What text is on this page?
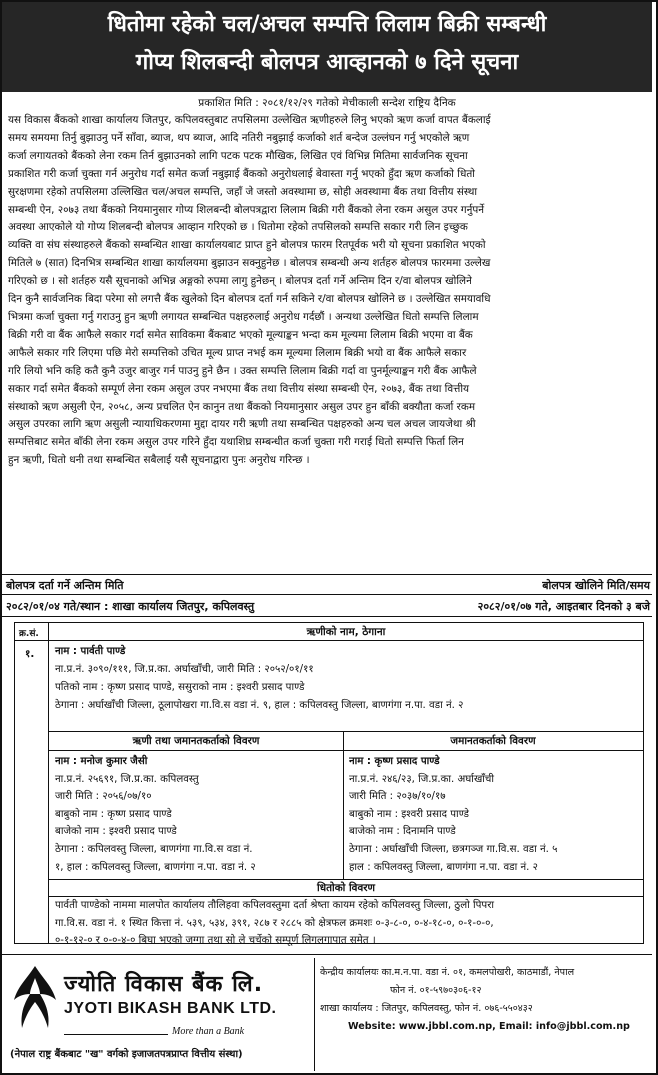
धितोमा रहेको चल/अचल सम्पत्ति लिलाम बिक्री सम्बन्धी
गोप्य शिलबन्दी बोलपत्र आव्हानको ७ दिने सूचना
प्रकाशित मिति : २०८१/१२/२९ गतेको मेचीकाली सन्देश राष्ट्रिय दैनिक
यस विकास बैंकको शाखा कार्यालय जितपुर, कपिलवस्तुबाट तपसिलमा उल्लेखित ऋणीहरुले लिनु भएको ऋण कर्जा वापत बैंकलाई
समय समयमा तिर्नु बुझाउनु पर्ने साँवा, ब्याज, थप ब्याज, आदि नतिरी नबुझाई कर्जाको शर्त बन्देज उल्लंघन गर्नु भएकोले ऋण
कर्जा लगायतको बैंकको लेना रकम तिर्न बुझाउनको लागि पटक पटक मौखिक, लिखित एवं विभिन्न मितिमा सार्वजनिक सूचना
प्रकाशित गरी कर्जा चुक्ता गर्न अनुरोध गर्दा समेत कर्जा नबुझाई बैंकको अनुरोधलाई बेवास्ता गर्नु भएको हुँदा ऋण कर्जाको धितो
सुरक्षणमा रहेको तपसिलमा उल्लिखित चल/अचल सम्पत्ति, जहाँ जे जस्तो अवस्थामा छ, सोही अवस्थामा बैंक तथा वित्तीय संस्था
सम्बन्धी ऐन, २०७३ तथा बैंकको नियमानुसार गोप्य शिलबन्दी बोलपत्रद्वारा लिलाम बिक्री गरी बैंकको लेना रकम असुल उपर गर्नुपर्ने
अवस्था आएकोले यो गोप्य शिलबन्दी बोलपत्र आव्हान गरिएको छ । धितोमा रहेको तपसिलको सम्पत्ति सकार गरी लिन इच्छुक
व्यक्ति वा संघ संस्थाहरुले बैंकको सम्बन्धित शाखा कार्यालयबाट प्राप्त हुने बोलपत्र फारम रितपूर्वक भरी यो सूचना प्रकाशित भएको
मितिले ७ (सात) दिनभित्र सम्बन्धित शाखा कार्यालयमा बुझाउन सक्नुहुनेछ । बोलपत्र सम्बन्धी अन्य शर्तहरु बोलपत्र फारममा उल्लेख
गरिएको छ । सो शर्तहरु यसै सूचनाको अभिन्न अङ्गको रुपमा लागु हुनेछन् । बोलपत्र दर्ता गर्ने अन्तिम दिन र/वा बोलपत्र खोलिने
दिन कुनै सार्वजनिक बिदा परेमा सो लगत्तै बैंक खुलेको दिन बोलपत्र दर्ता गर्न सकिने र/वा बोलपत्र खोलिने छ । उल्लेखित समयावधि
भित्रमा कर्जा चुक्ता गर्नु गराउनु हुन ऋणी लगायत सम्बन्धित पक्षहरुलाई अनुरोध गर्दछौं । अन्यथा उल्लेखित धितो सम्पत्ति लिलाम
बिक्री गरी वा बैंक आफैले सकार गर्दा समेत साविकमा बैंकबाट भएको मूल्याङ्कन भन्दा कम मूल्यमा लिलाम बिक्री भएमा वा बैंक
आफैले सकार गरि लिएमा पछि मेरो सम्पत्तिको उचित मूल्य प्राप्त नभई कम मूल्यमा लिलाम बिक्री भयो वा बैंक आफैले सकार
गरि लियो भनि कहि कतै कुनै उजुर बाजुर गर्न पाउनु हुने छैन । उक्त सम्पत्ति लिलाम बिक्री गर्दा वा पुनर्मूल्याङ्कन गरी बैंक आफैले
सकार गर्दा समेत बैंकको सम्पूर्ण लेना रकम असुल उपर नभएमा बैंक तथा वित्तीय संस्था सम्बन्धी ऐन, २०७३, बैंक तथा वित्तीय
संस्थाको ऋण असुली ऐन, २०५८, अन्य प्रचलित ऐन कानुन तथा बैंकको नियमानुसार असुल उपर हुन बाँकी बक्यौता कर्जा रकम
असुल उपरका लागि ऋण असुली न्यायाधिकरणमा मुद्दा दायर गरी ऋणी तथा सम्बन्धित पक्षहरुको अन्य चल अचल जायजेथा श्री
सम्पत्तिबाट समेत बाँकी लेना रकम असुल उपर गरिने हुँदा यथाशिघ्र सम्बन्धीत कर्जा चुक्ता गरी गराई धितो सम्पत्ति फिर्ता लिन
हुन ऋणी, धितो धनी तथा सम्बन्धित सबैलाई यसै सूचनाद्वारा पुनः अनुरोध गरिन्छ ।
बोलपत्र दर्ता गर्ने अन्तिम मिति	बोलपत्र खोलिने मिति/समय
२०८२/०१/०४ गते/स्थान : शाखा कार्यालय जितपुर, कपिलवस्तु	२०८२/०१/०७ गते, आइतबार दिनको ३ बजे
क्र.सं.	ऋणीको नाम, ठेगाना
१. नाम : पार्वती पाण्डे
ना.प्र.नं. ३०९०/१११, जि.प्र.का. अर्घाखाँची, जारी मिति : २०५२/०१/११
पतिको नाम : कृष्ण प्रसाद पाण्डे, ससुराको नाम : इश्वरी प्रसाद पाण्डे
ठेगाना : अर्घाखाँची जिल्ला, ठूलापोखरा गा.वि.स वडा नं. ९, हाल : कपिलवस्तु जिल्ला, बाणगंगा न.पा. वडा नं. २
ऋणी तथा जमानतकर्ताको विवरण	जमानतकर्ताको विवरण
नाम : मनोज कुमार जैसी
ना.प्र.नं. २५६९१, जि.प्र.का. कपिलवस्तु
जारी मिति : २०५६/०७/१०
बाबुको नाम : कृष्ण प्रसाद पाण्डे
बाजेको नाम : इश्वरी प्रसाद पाण्डे
ठेगाना : कपिलवस्तु जिल्ला, बाणगंगा गा.वि.स वडा नं.
१, हाल : कपिलवस्तु जिल्ला, बाणगंगा न.पा. वडा नं. २
नाम : कृष्ण प्रसाद पाण्डे
ना.प्र.नं. २४६/२३, जि.प्र.का. अर्घाखाँची
जारी मिति : २०३७/१०/१७
बाबुको नाम : इश्वरी प्रसाद पाण्डे
बाजेको नाम : दिनामनि पाण्डे
ठेगाना : अर्घाखाँची जिल्ला, छत्रगञ्ज गा.वि.स. वडा नं. ५
हाल : कपिलवस्तु जिल्ला, बाणगंगा न.पा. वडा नं. २
धितोको विवरण
पार्वती पाण्डेको नाममा मालपोत कार्यालय तौलिहवा कपिलवस्तुमा दर्ता श्रेष्ता कायम रहेको कपिलवस्तु जिल्ला, ठुलो पिपरा
गा.वि.स. वडा नं. १ स्थित कित्ता नं. ५३९, ५३४, ३९१, २८७ र २८८५ को क्षेत्रफल क्रमशः ०-३-८-०, ०-४-१८-०, ०-१-०-०,
०-१-१२-० र ०-०-४-० बिघा भएको जग्गा तथा सो ले चर्चेको सम्पूर्ण लिगलगापात समेत ।
ज्योति विकास बैंक लि.
JYOTI BIKASH BANK LTD.
More than a Bank
(नेपाल राष्ट्र बैंकबाट "ख" वर्गको इजाजतपत्रप्राप्त वित्तीय संस्था)
केन्द्रीय कार्यालयः का.म.न.पा. वडा नं. ०१, कमलपोखरी, काठमाडौं, नेपाल
फोन नं. ०१-५९७०३०६-१२
शाखा कार्यालय : जितपुर, कपिलवस्तु, फोन नं. ०७६-५५०४३२
Website: www.jbbl.com.np, Email: info@jbbl.com.np
